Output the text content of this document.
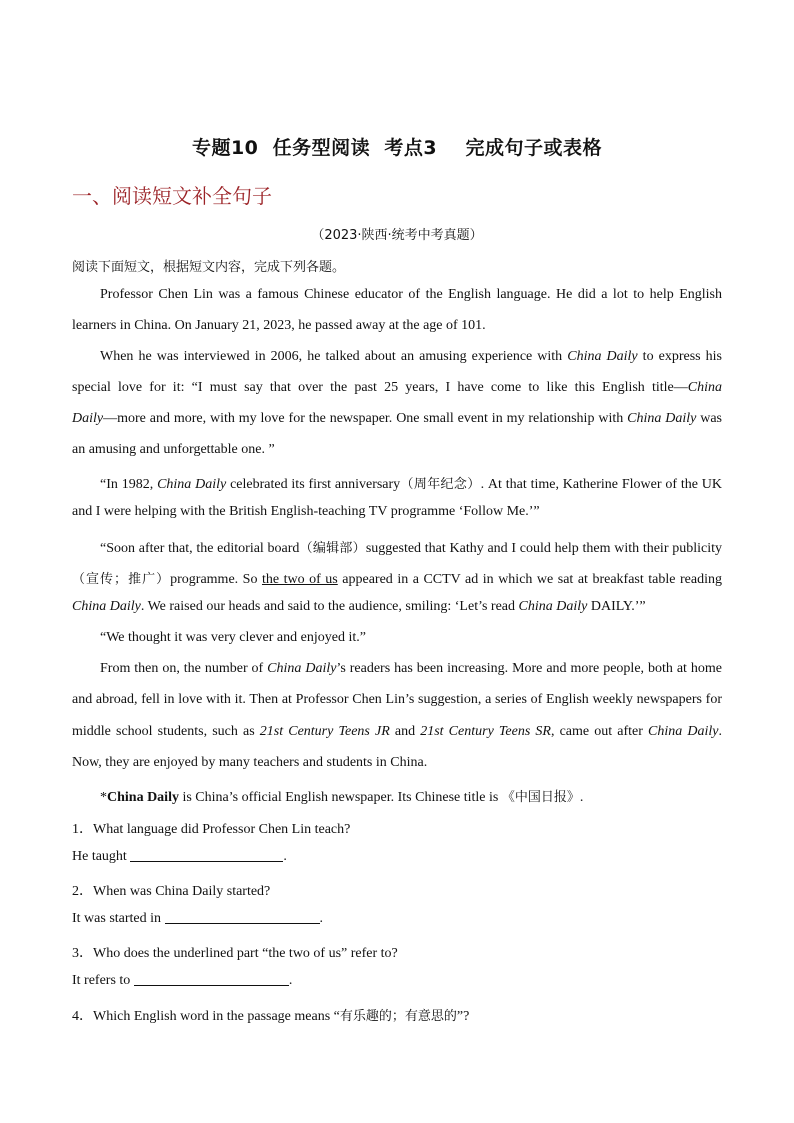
专题10  任务型阅读  考点3    完成句子或表格
一、阅读短文补全句子
（2023·陕西·统考中考真题）
阅读下面短文，根据短文内容，完成下列各题。
Professor Chen Lin was a famous Chinese educator of the English language. He did a lot to help English
learners in China. On January 21, 2023, he passed away at the age of 101.
When he was interviewed in 2006, he talked about an amusing experience with China Daily to express his
special love for it: “I must say that over the past 25 years, I have come to like this English title—China
Daily—more and more, with my love for the newspaper. One small event in my relationship with China Daily was
an amusing and unforgettable one. ”
“In 1982, China Daily celebrated its first anniversary（周年纪念）. At that time, Katherine Flower of the UK
and I were helping with the British English-teaching TV programme ‘Follow Me.’”
“Soon after that, the editorial board（编辑部）suggested that Kathy and I could help them with their publicity
（宣传；推广）programme. So the two of us appeared in a CCTV ad in which we sat at breakfast table reading
China Daily. We raised our heads and said to the audience, smiling: ‘Let’s read China Daily DAILY.’”
“We thought it was very clever and enjoyed it.”
From then on, the number of China Daily’s readers has been increasing. More and more people, both at home
and abroad, fell in love with it. Then at Professor Chen Lin’s suggestion, a series of English weekly newspapers for
middle school students, such as 21st Century Teens JR and 21st Century Teens SR, came out after China Daily.
Now, they are enjoyed by many teachers and students in China.
*China Daily is China’s official English newspaper. Its Chinese title is 《中国日报》.
1．What language did Professor Chen Lin teach?
He taught	.
2．When was China Daily started?
It was started in	.
3．Who does the underlined part “the two of us” refer to?
It refers to	.
4．Which English word in the passage means “有乐趣的；有意思的”?
